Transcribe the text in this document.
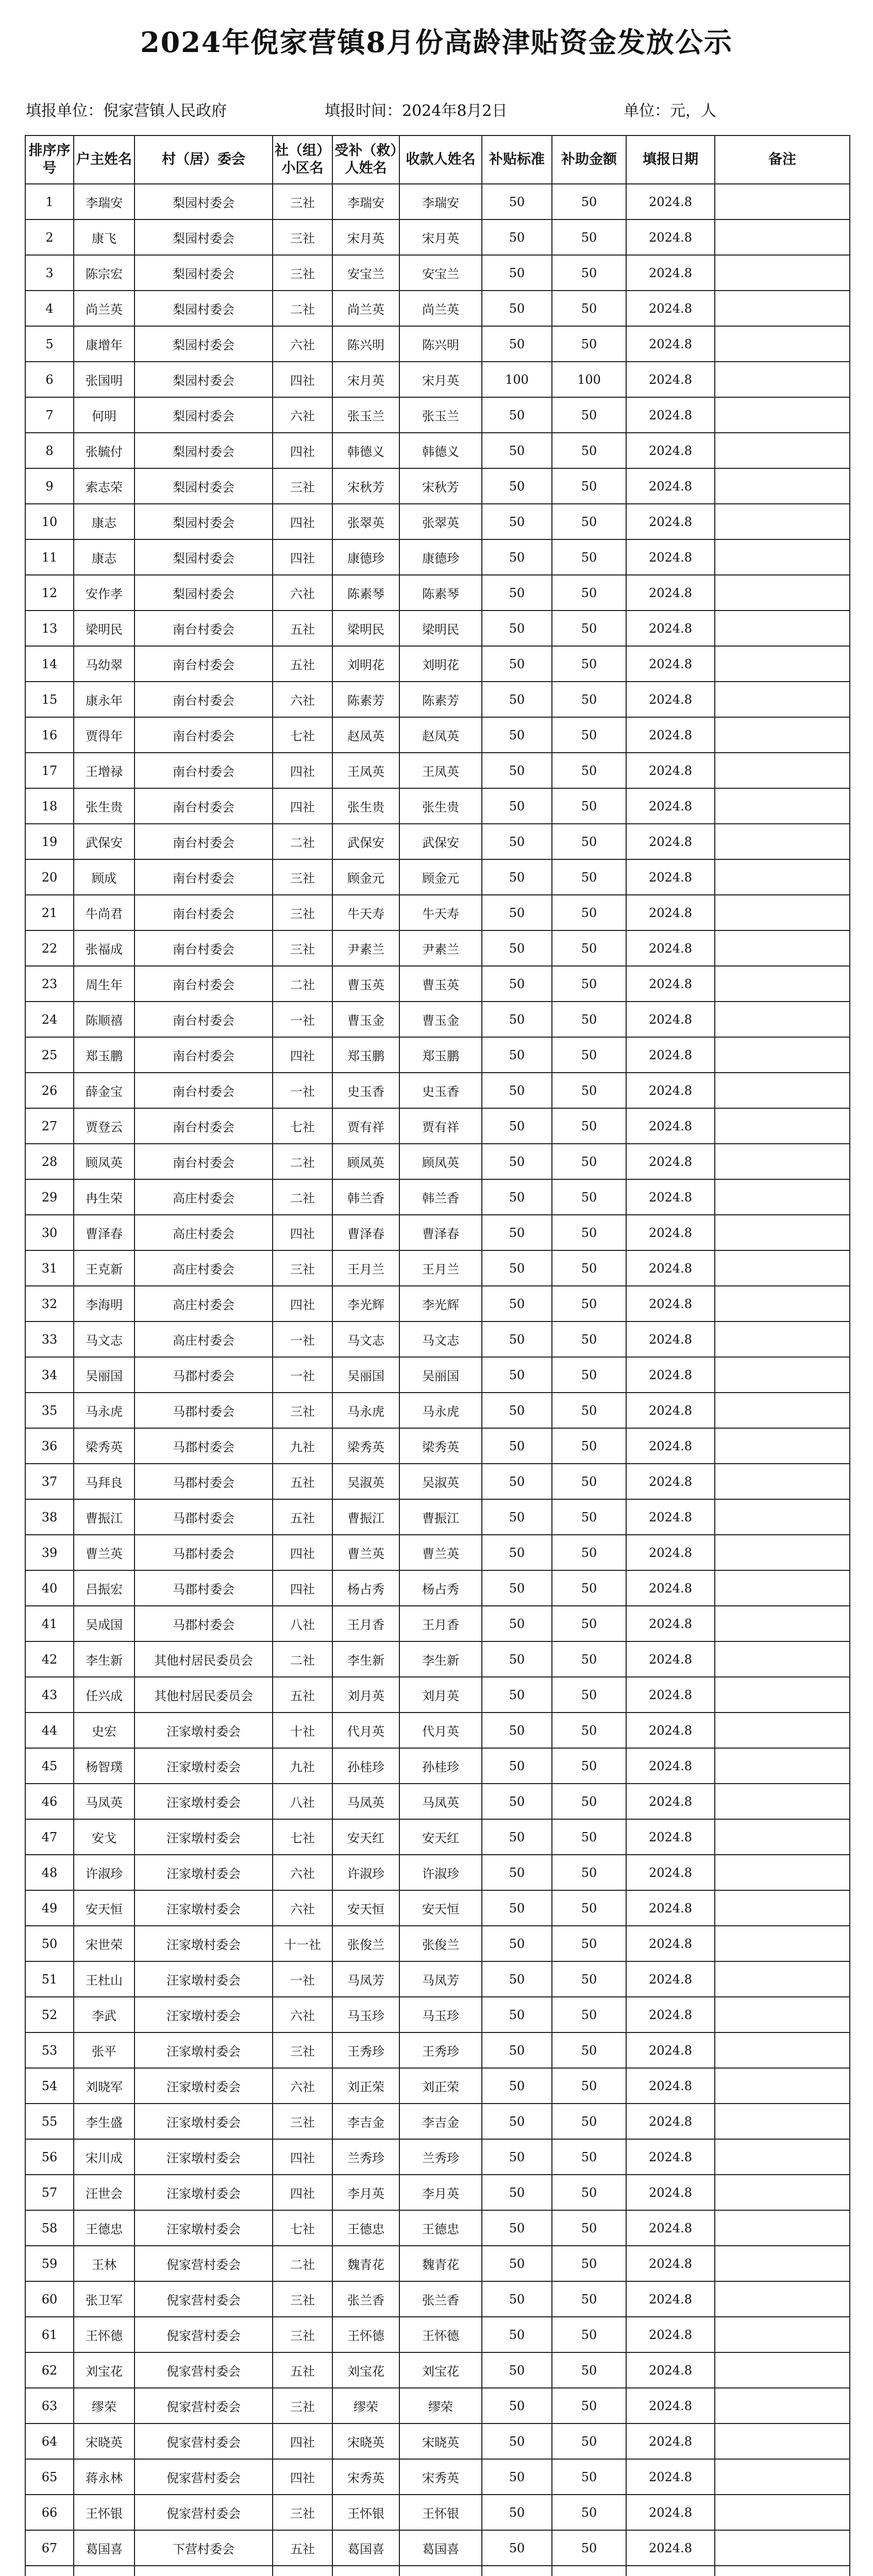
2024年倪家营镇8月份高龄津贴资金发放公示
填报单位：倪家营镇人民政府	填报时间：2024年8月2日	单位：元，人
排序序号	户主姓名	村（居）委会	社（组）小区名	受补（救）人姓名	收款人姓名	补贴标准	补助金额	填报日期	备注
1	李瑞安	梨园村委会	三社	李瑞安	李瑞安	50	50	2024.8	
2	康飞	梨园村委会	三社	宋月英	宋月英	50	50	2024.8	
3	陈宗宏	梨园村委会	三社	安宝兰	安宝兰	50	50	2024.8	
4	尚兰英	梨园村委会	二社	尚兰英	尚兰英	50	50	2024.8	
5	康增年	梨园村委会	六社	陈兴明	陈兴明	50	50	2024.8	
6	张国明	梨园村委会	四社	宋月英	宋月英	100	100	2024.8	
7	何明	梨园村委会	六社	张玉兰	张玉兰	50	50	2024.8	
8	张毓付	梨园村委会	四社	韩德义	韩德义	50	50	2024.8	
9	索志荣	梨园村委会	三社	宋秋芳	宋秋芳	50	50	2024.8	
10	康志	梨园村委会	四社	张翠英	张翠英	50	50	2024.8	
11	康志	梨园村委会	四社	康德珍	康德珍	50	50	2024.8	
12	安作孝	梨园村委会	六社	陈素琴	陈素琴	50	50	2024.8	
13	梁明民	南台村委会	五社	梁明民	梁明民	50	50	2024.8	
14	马幼翠	南台村委会	五社	刘明花	刘明花	50	50	2024.8	
15	康永年	南台村委会	六社	陈素芳	陈素芳	50	50	2024.8	
16	贾得年	南台村委会	七社	赵凤英	赵凤英	50	50	2024.8	
17	王增禄	南台村委会	四社	王凤英	王凤英	50	50	2024.8	
18	张生贵	南台村委会	四社	张生贵	张生贵	50	50	2024.8	
19	武保安	南台村委会	二社	武保安	武保安	50	50	2024.8	
20	顾成	南台村委会	三社	顾金元	顾金元	50	50	2024.8	
21	牛尚君	南台村委会	三社	牛天寿	牛天寿	50	50	2024.8	
22	张福成	南台村委会	三社	尹素兰	尹素兰	50	50	2024.8	
23	周生年	南台村委会	二社	曹玉英	曹玉英	50	50	2024.8	
24	陈顺禧	南台村委会	一社	曹玉金	曹玉金	50	50	2024.8	
25	郑玉鹏	南台村委会	四社	郑玉鹏	郑玉鹏	50	50	2024.8	
26	薛金宝	南台村委会	一社	史玉香	史玉香	50	50	2024.8	
27	贾登云	南台村委会	七社	贾有祥	贾有祥	50	50	2024.8	
28	顾凤英	南台村委会	二社	顾凤英	顾凤英	50	50	2024.8	
29	冉生荣	高庄村委会	二社	韩兰香	韩兰香	50	50	2024.8	
30	曹泽春	高庄村委会	四社	曹泽春	曹泽春	50	50	2024.8	
31	王克新	高庄村委会	三社	王月兰	王月兰	50	50	2024.8	
32	李海明	高庄村委会	四社	李光辉	李光辉	50	50	2024.8	
33	马文志	高庄村委会	一社	马文志	马文志	50	50	2024.8	
34	吴丽国	马郡村委会	一社	吴丽国	吴丽国	50	50	2024.8	
35	马永虎	马郡村委会	三社	马永虎	马永虎	50	50	2024.8	
36	梁秀英	马郡村委会	九社	梁秀英	梁秀英	50	50	2024.8	
37	马拜良	马郡村委会	五社	吴淑英	吴淑英	50	50	2024.8	
38	曹振江	马郡村委会	五社	曹振江	曹振江	50	50	2024.8	
39	曹兰英	马郡村委会	四社	曹兰英	曹兰英	50	50	2024.8	
40	吕振宏	马郡村委会	四社	杨占秀	杨占秀	50	50	2024.8	
41	吴成国	马郡村委会	八社	王月香	王月香	50	50	2024.8	
42	李生新	其他村居民委员会	二社	李生新	李生新	50	50	2024.8	
43	任兴成	其他村居民委员会	五社	刘月英	刘月英	50	50	2024.8	
44	史宏	汪家墩村委会	十社	代月英	代月英	50	50	2024.8	
45	杨智璞	汪家墩村委会	九社	孙桂珍	孙桂珍	50	50	2024.8	
46	马凤英	汪家墩村委会	八社	马凤英	马凤英	50	50	2024.8	
47	安戈	汪家墩村委会	七社	安天红	安天红	50	50	2024.8	
48	许淑珍	汪家墩村委会	六社	许淑珍	许淑珍	50	50	2024.8	
49	安天恒	汪家墩村委会	六社	安天恒	安天恒	50	50	2024.8	
50	宋世荣	汪家墩村委会	十一社	张俊兰	张俊兰	50	50	2024.8	
51	王杜山	汪家墩村委会	一社	马凤芳	马凤芳	50	50	2024.8	
52	李武	汪家墩村委会	六社	马玉珍	马玉珍	50	50	2024.8	
53	张平	汪家墩村委会	三社	王秀珍	王秀珍	50	50	2024.8	
54	刘晓军	汪家墩村委会	六社	刘正荣	刘正荣	50	50	2024.8	
55	李生盛	汪家墩村委会	三社	李吉金	李吉金	50	50	2024.8	
56	宋川成	汪家墩村委会	四社	兰秀珍	兰秀珍	50	50	2024.8	
57	汪世会	汪家墩村委会	四社	李月英	李月英	50	50	2024.8	
58	王德忠	汪家墩村委会	七社	王德忠	王德忠	50	50	2024.8	
59	王林	倪家营村委会	二社	魏青花	魏青花	50	50	2024.8	
60	张卫军	倪家营村委会	三社	张兰香	张兰香	50	50	2024.8	
61	王怀德	倪家营村委会	三社	王怀德	王怀德	50	50	2024.8	
62	刘宝花	倪家营村委会	五社	刘宝花	刘宝花	50	50	2024.8	
63	缪荣	倪家营村委会	三社	缪荣	缪荣	50	50	2024.8	
64	宋晓英	倪家营村委会	四社	宋晓英	宋晓英	50	50	2024.8	
65	蒋永林	倪家营村委会	四社	宋秀英	宋秀英	50	50	2024.8	
66	王怀银	倪家营村委会	三社	王怀银	王怀银	50	50	2024.8	
67	葛国喜	下营村委会	五社	葛国喜	葛国喜	50	50	2024.8	
